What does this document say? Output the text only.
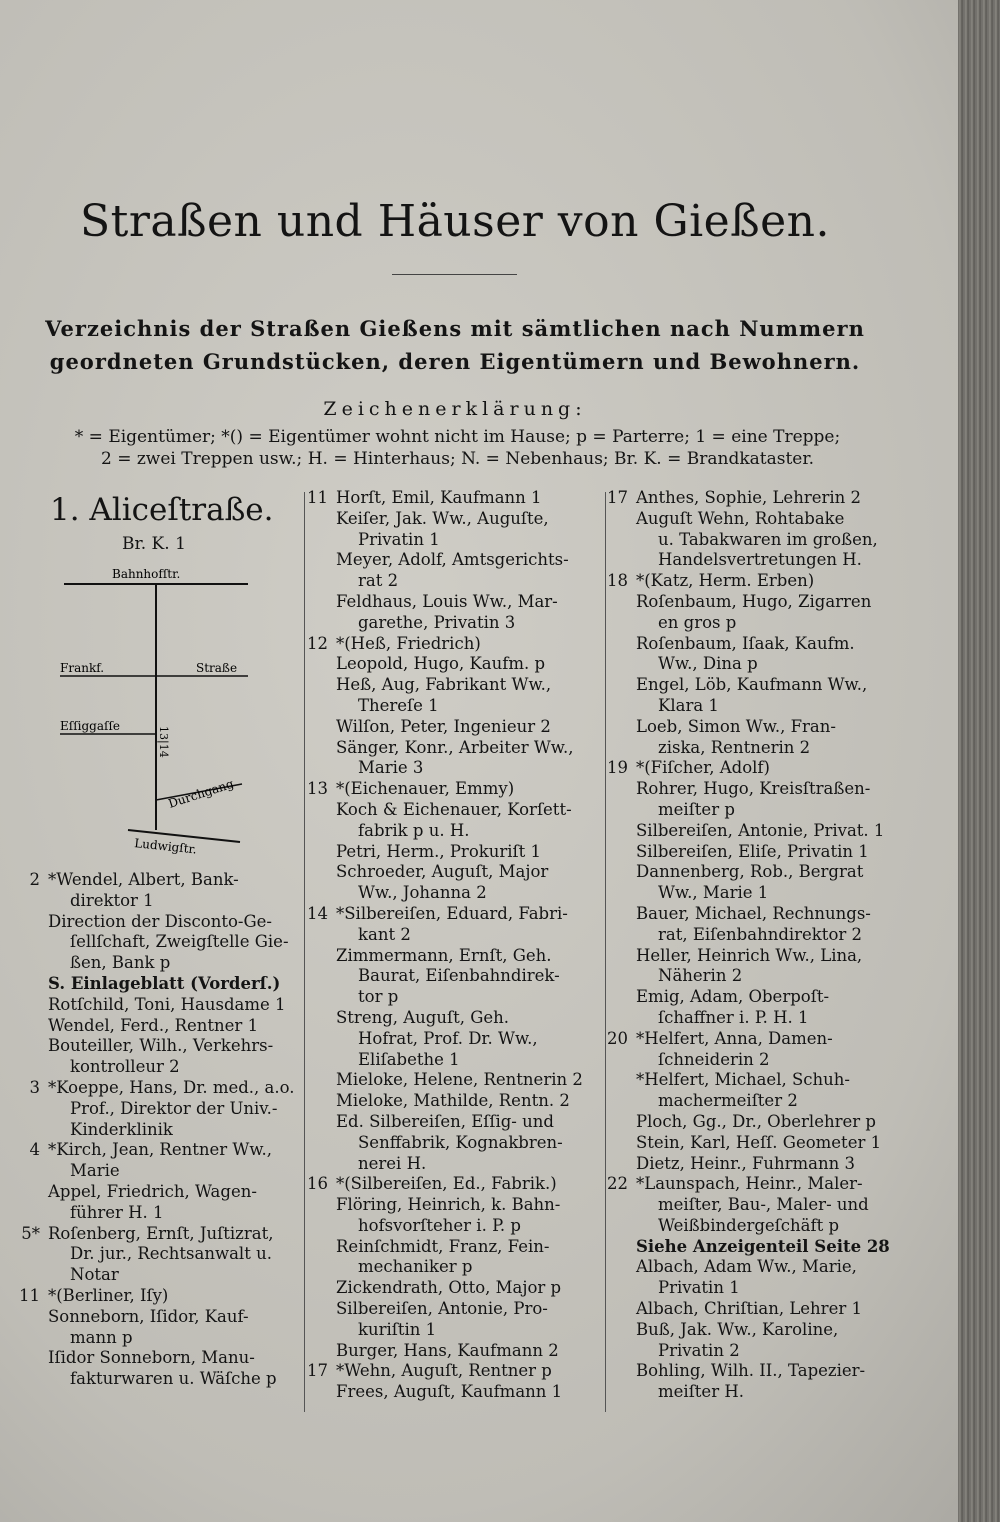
Straßen und Häuser von Gießen.
Verzeichnis der Straßen Gießens mit sämtlichen nach Nummern
geordneten Grundstücken, deren Eigentümern und Bewohnern.
Zeichenerklärung:
* = Eigentümer; *() = Eigentümer wohnt nicht im Hause; p = Parterre; 1 = eine Treppe;
2 = zwei Treppen usw.; H. = Hinterhaus; N. = Nebenhaus; Br. K. = Brandkataster.
1. Aliceſtraße.
Br. K. 1
Bahnhofſtr.
Frankf.	Straße
Eſſiggaſſe	13|14
Durchgang
Ludwigſtr.
2 *Wendel, Albert, Bank-
direktor 1
Direction der Disconto-Ge-
ſellſchaft, Zweigſtelle Gie-
ßen, Bank p
S. Einlageblatt (Vorderſ.)
Rotſchild, Toni, Hausdame 1
Wendel, Ferd., Rentner 1
Bouteiller, Wilh., Verkehrs-
kontrolleur 2
3 *Koeppe, Hans, Dr. med., a.o.
Prof., Direktor der Univ.-
Kinderklinik
4 *Kirch, Jean, Rentner Ww.,
Marie
Appel, Friedrich, Wagen-
führer H. 1
5* Roſenberg, Ernſt, Juſtizrat,
Dr. jur., Rechtsanwalt u.
Notar
11 *(Berliner, Iſy)
Sonneborn, Iſidor, Kauf-
mann p
Iſidor Sonneborn, Manu-
fakturwaren u. Wäſche p
11 Horſt, Emil, Kaufmann 1
Keiſer, Jak. Ww., Auguſte,
Privatin 1
Meyer, Adolf, Amtsgerichts-
rat 2
Feldhaus, Louis Ww., Mar-
garethe, Privatin 3
12 *(Heß, Friedrich)
Leopold, Hugo, Kaufm. p
Heß, Aug, Fabrikant Ww.,
Thereſe 1
Wilſon, Peter, Ingenieur 2
Sänger, Konr., Arbeiter Ww.,
Marie 3
13 *(Eichenauer, Emmy)
Koch & Eichenauer, Korſett-
fabrik p u. H.
Petri, Herm., Prokuriſt 1
Schroeder, Auguſt, Major
Ww., Johanna 2
14 *Silbereiſen, Eduard, Fabri-
kant 2
Zimmermann, Ernſt, Geh.
Baurat, Eiſenbahndirek-
tor p
Streng, Auguſt, Geh.
Hofrat, Prof. Dr. Ww.,
Eliſabethe 1
Mieloke, Helene, Rentnerin 2
Mieloke, Mathilde, Rentn. 2
Ed. Silbereiſen, Eſſig- und
Senffabrik, Kognakbren-
nerei H.
16 *(Silbereiſen, Ed., Fabrik.)
Flöring, Heinrich, k. Bahn-
hofsvorſteher i. P. p
Reinſchmidt, Franz, Fein-
mechaniker p
Zickendrath, Otto, Major p
Silbereiſen, Antonie, Pro-
kuriſtin 1
Burger, Hans, Kaufmann 2
17 *Wehn, Auguſt, Rentner p
Frees, Auguſt, Kaufmann 1
17 Anthes, Sophie, Lehrerin 2
Auguſt Wehn, Rohtabake
u. Tabakwaren im großen,
Handelsvertretungen H.
18 *(Katz, Herm. Erben)
Roſenbaum, Hugo, Zigarren
en gros p
Roſenbaum, Iſaak, Kaufm.
Ww., Dina p
Engel, Löb, Kaufmann Ww.,
Klara 1
Loeb, Simon Ww., Fran-
ziska, Rentnerin 2
19 *(Fiſcher, Adolf)
Rohrer, Hugo, Kreisſtraßen-
meiſter p
Silbereiſen, Antonie, Privat. 1
Silbereiſen, Eliſe, Privatin 1
Dannenberg, Rob., Bergrat
Ww., Marie 1
Bauer, Michael, Rechnungs-
rat, Eiſenbahndirektor 2
Heller, Heinrich Ww., Lina,
Näherin 2
Emig, Adam, Oberpoſt-
ſchaffner i. P. H. 1
20 *Helfert, Anna, Damen-
ſchneiderin 2
*Helfert, Michael, Schuh-
machermeiſter 2
Ploch, Gg., Dr., Oberlehrer p
Stein, Karl, Heſſ. Geometer 1
Dietz, Heinr., Fuhrmann 3
22 *Launspach, Heinr., Maler-
meiſter, Bau-, Maler- und
Weißbindergeſchäft p
Siehe Anzeigenteil Seite 28
Albach, Adam Ww., Marie,
Privatin 1
Albach, Chriſtian, Lehrer 1
Buß, Jak. Ww., Karoline,
Privatin 2
Bohling, Wilh. II., Tapezier-
meiſter H.
